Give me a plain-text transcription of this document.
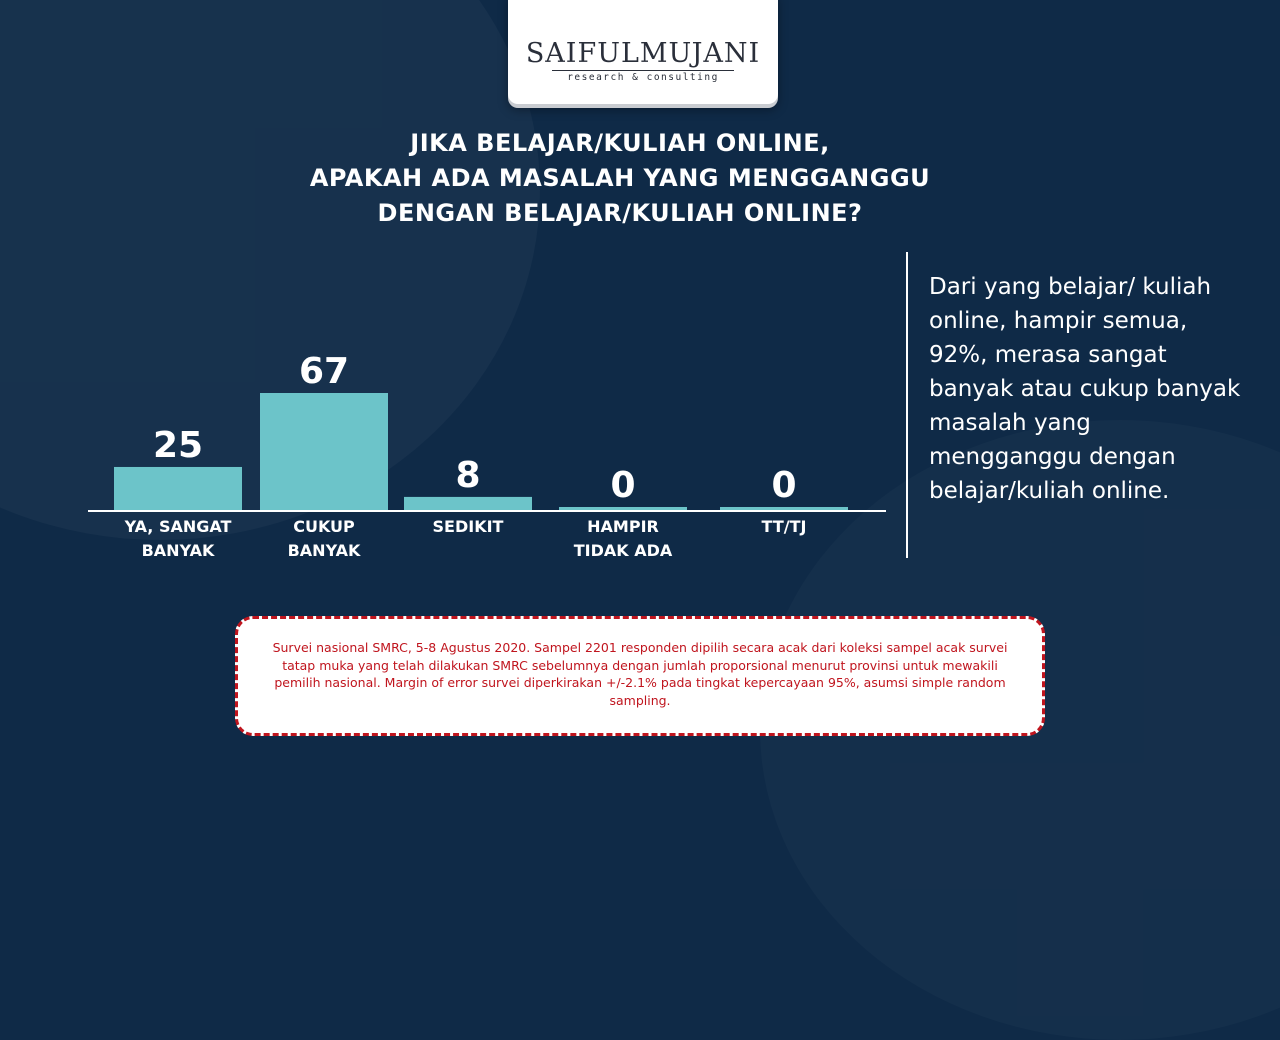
SAIFULMUJANI
research & consulting
JIKA BELAJAR/KULIAH ONLINE,
APAKAH ADA MASALAH YANG MENGGANGGU
DENGAN BELAJAR/KULIAH ONLINE?
25
YA, SANGAT
BANYAK
67
CUKUP
BANYAK
8
SEDIKIT
0
HAMPIR
TIDAK ADA
0
TT/TJ
Dari yang belajar/ kuliah online, hampir semua, 92%, merasa sangat banyak atau cukup banyak masalah yang mengganggu dengan belajar/kuliah online.
Survei nasional SMRC, 5-8 Agustus 2020. Sampel 2201 responden dipilih secara acak dari koleksi sampel acak survei tatap muka yang telah dilakukan SMRC sebelumnya dengan jumlah proporsional menurut provinsi untuk mewakili pemilih nasional. Margin of error survei diperkirakan +/-2.1% pada tingkat kepercayaan 95%, asumsi simple random sampling.
